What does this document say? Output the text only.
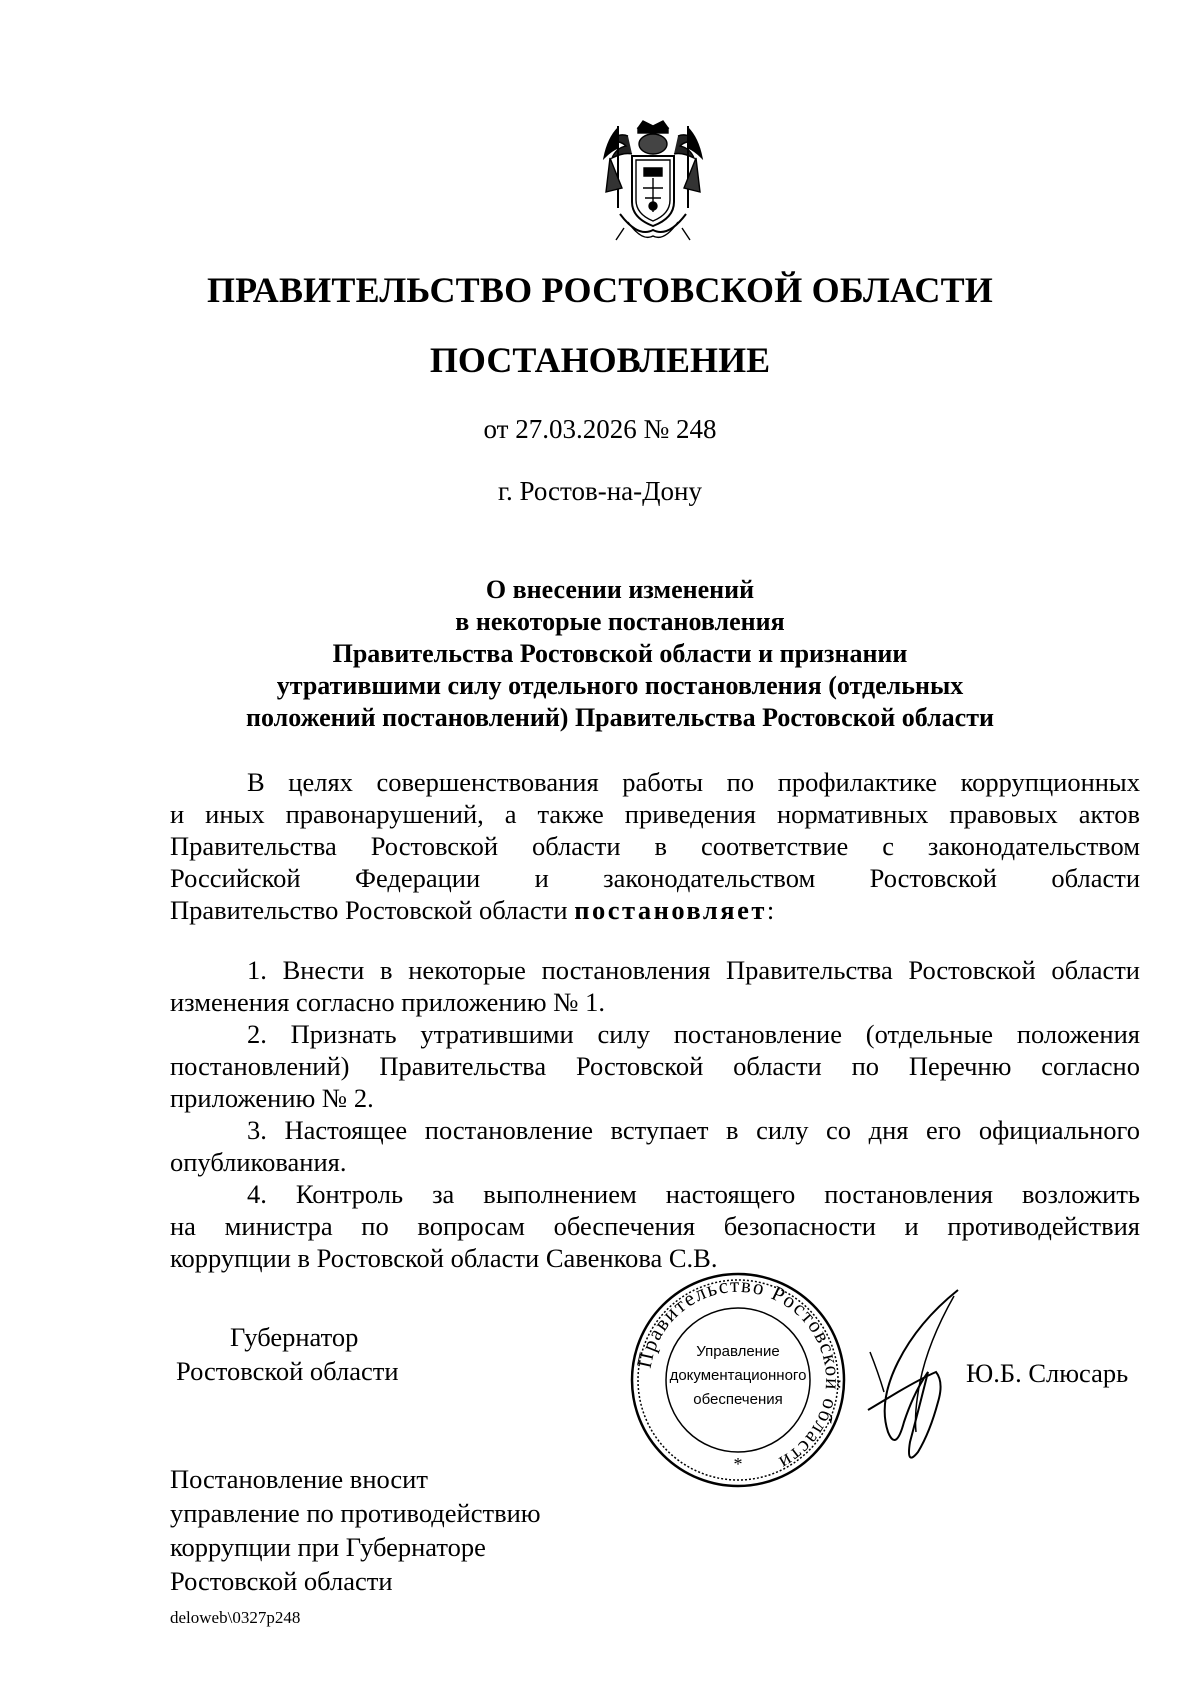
ПРАВИТЕЛЬСТВО РОСТОВСКОЙ ОБЛАСТИ
ПОСТАНОВЛЕНИЕ
от 27.03.2026 № 248
г. Ростов-на-Дону
О внесении изменений
в некоторые постановления
Правительства Ростовской области и признании
утратившими силу отдельного постановления (отдельных
положений постановлений) Правительства Ростовской области
В целях совершенствования работы по профилактике коррупционных
и иных правонарушений, а также приведения нормативных правовых актов
Правительства Ростовской области в соответствие с законодательством
Российской Федерации и законодательством Ростовской области
Правительство Ростовской области постановляет:
1. Внести в некоторые постановления Правительства Ростовской области
изменения согласно приложению № 1.
2. Признать утратившими силу постановление (отдельные положения
постановлений) Правительства Ростовской области по Перечню согласно
приложению № 2.
3. Настоящее постановление вступает в силу со дня его официального
опубликования.
4. Контроль за выполнением настоящего постановления возложить
на министра по вопросам обеспечения безопасности и противодействия
коррупции в Ростовской области Савенкова С.В.
Губернатор
Ростовской области	Правительство Ростовской области
Управление
документационного
обеспечения
*
Ю.Б. Слюсарь
Постановление вносит
управление по противодействию
коррупции при Губернаторе
Ростовской области
deloweb\0327p248
